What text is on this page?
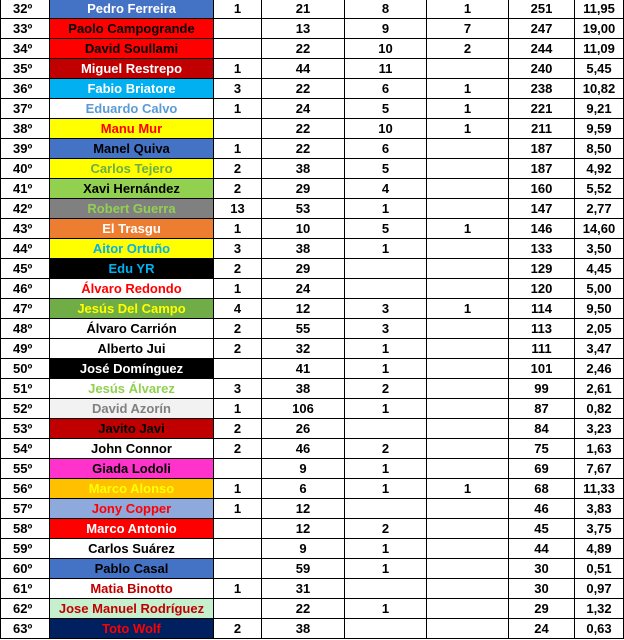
32º	Pedro Ferreira	1	21	8	1	251	11,95
33º	Paolo Campogrande		13	9	7	247	19,00
34º	David Soullami		22	10	2	244	11,09
35º	Miguel Restrepo	1	44	11		240	5,45
36º	Fabio Briatore	3	22	6	1	238	10,82
37º	Eduardo Calvo	1	24	5	1	221	9,21
38º	Manu Mur		22	10	1	211	9,59
39º	Manel Quiva	1	22	6		187	8,50
40º	Carlos Tejero	2	38	5		187	4,92
41º	Xavi Hernández	2	29	4		160	5,52
42º	Robert Guerra	13	53	1		147	2,77
43º	El Trasgu	1	10	5	1	146	14,60
44º	Aitor Ortuño	3	38	1		133	3,50
45º	Edu YR	2	29			129	4,45
46º	Álvaro Redondo	1	24			120	5,00
47º	Jesús Del Campo	4	12	3	1	114	9,50
48º	Álvaro Carrión	2	55	3		113	2,05
49º	Alberto Jui	2	32	1		111	3,47
50º	José Domínguez		41	1		101	2,46
51º	Jesús Álvarez	3	38	2		99	2,61
52º	David Azorín	1	106	1		87	0,82
53º	Javito Javi	2	26			84	3,23
54º	John Connor	2	46	2		75	1,63
55º	Giada Lodoli		9	1		69	7,67
56º	Marco Alonso	1	6	1	1	68	11,33
57º	Jony Copper	1	12			46	3,83
58º	Marco Antonio		12	2		45	3,75
59º	Carlos Suárez		9	1		44	4,89
60º	Pablo Casal		59	1		30	0,51
61º	Matia Binotto	1	31			30	0,97
62º	Jose Manuel Rodríguez		22	1		29	1,32
63º	Toto Wolf	2	38			24	0,63
